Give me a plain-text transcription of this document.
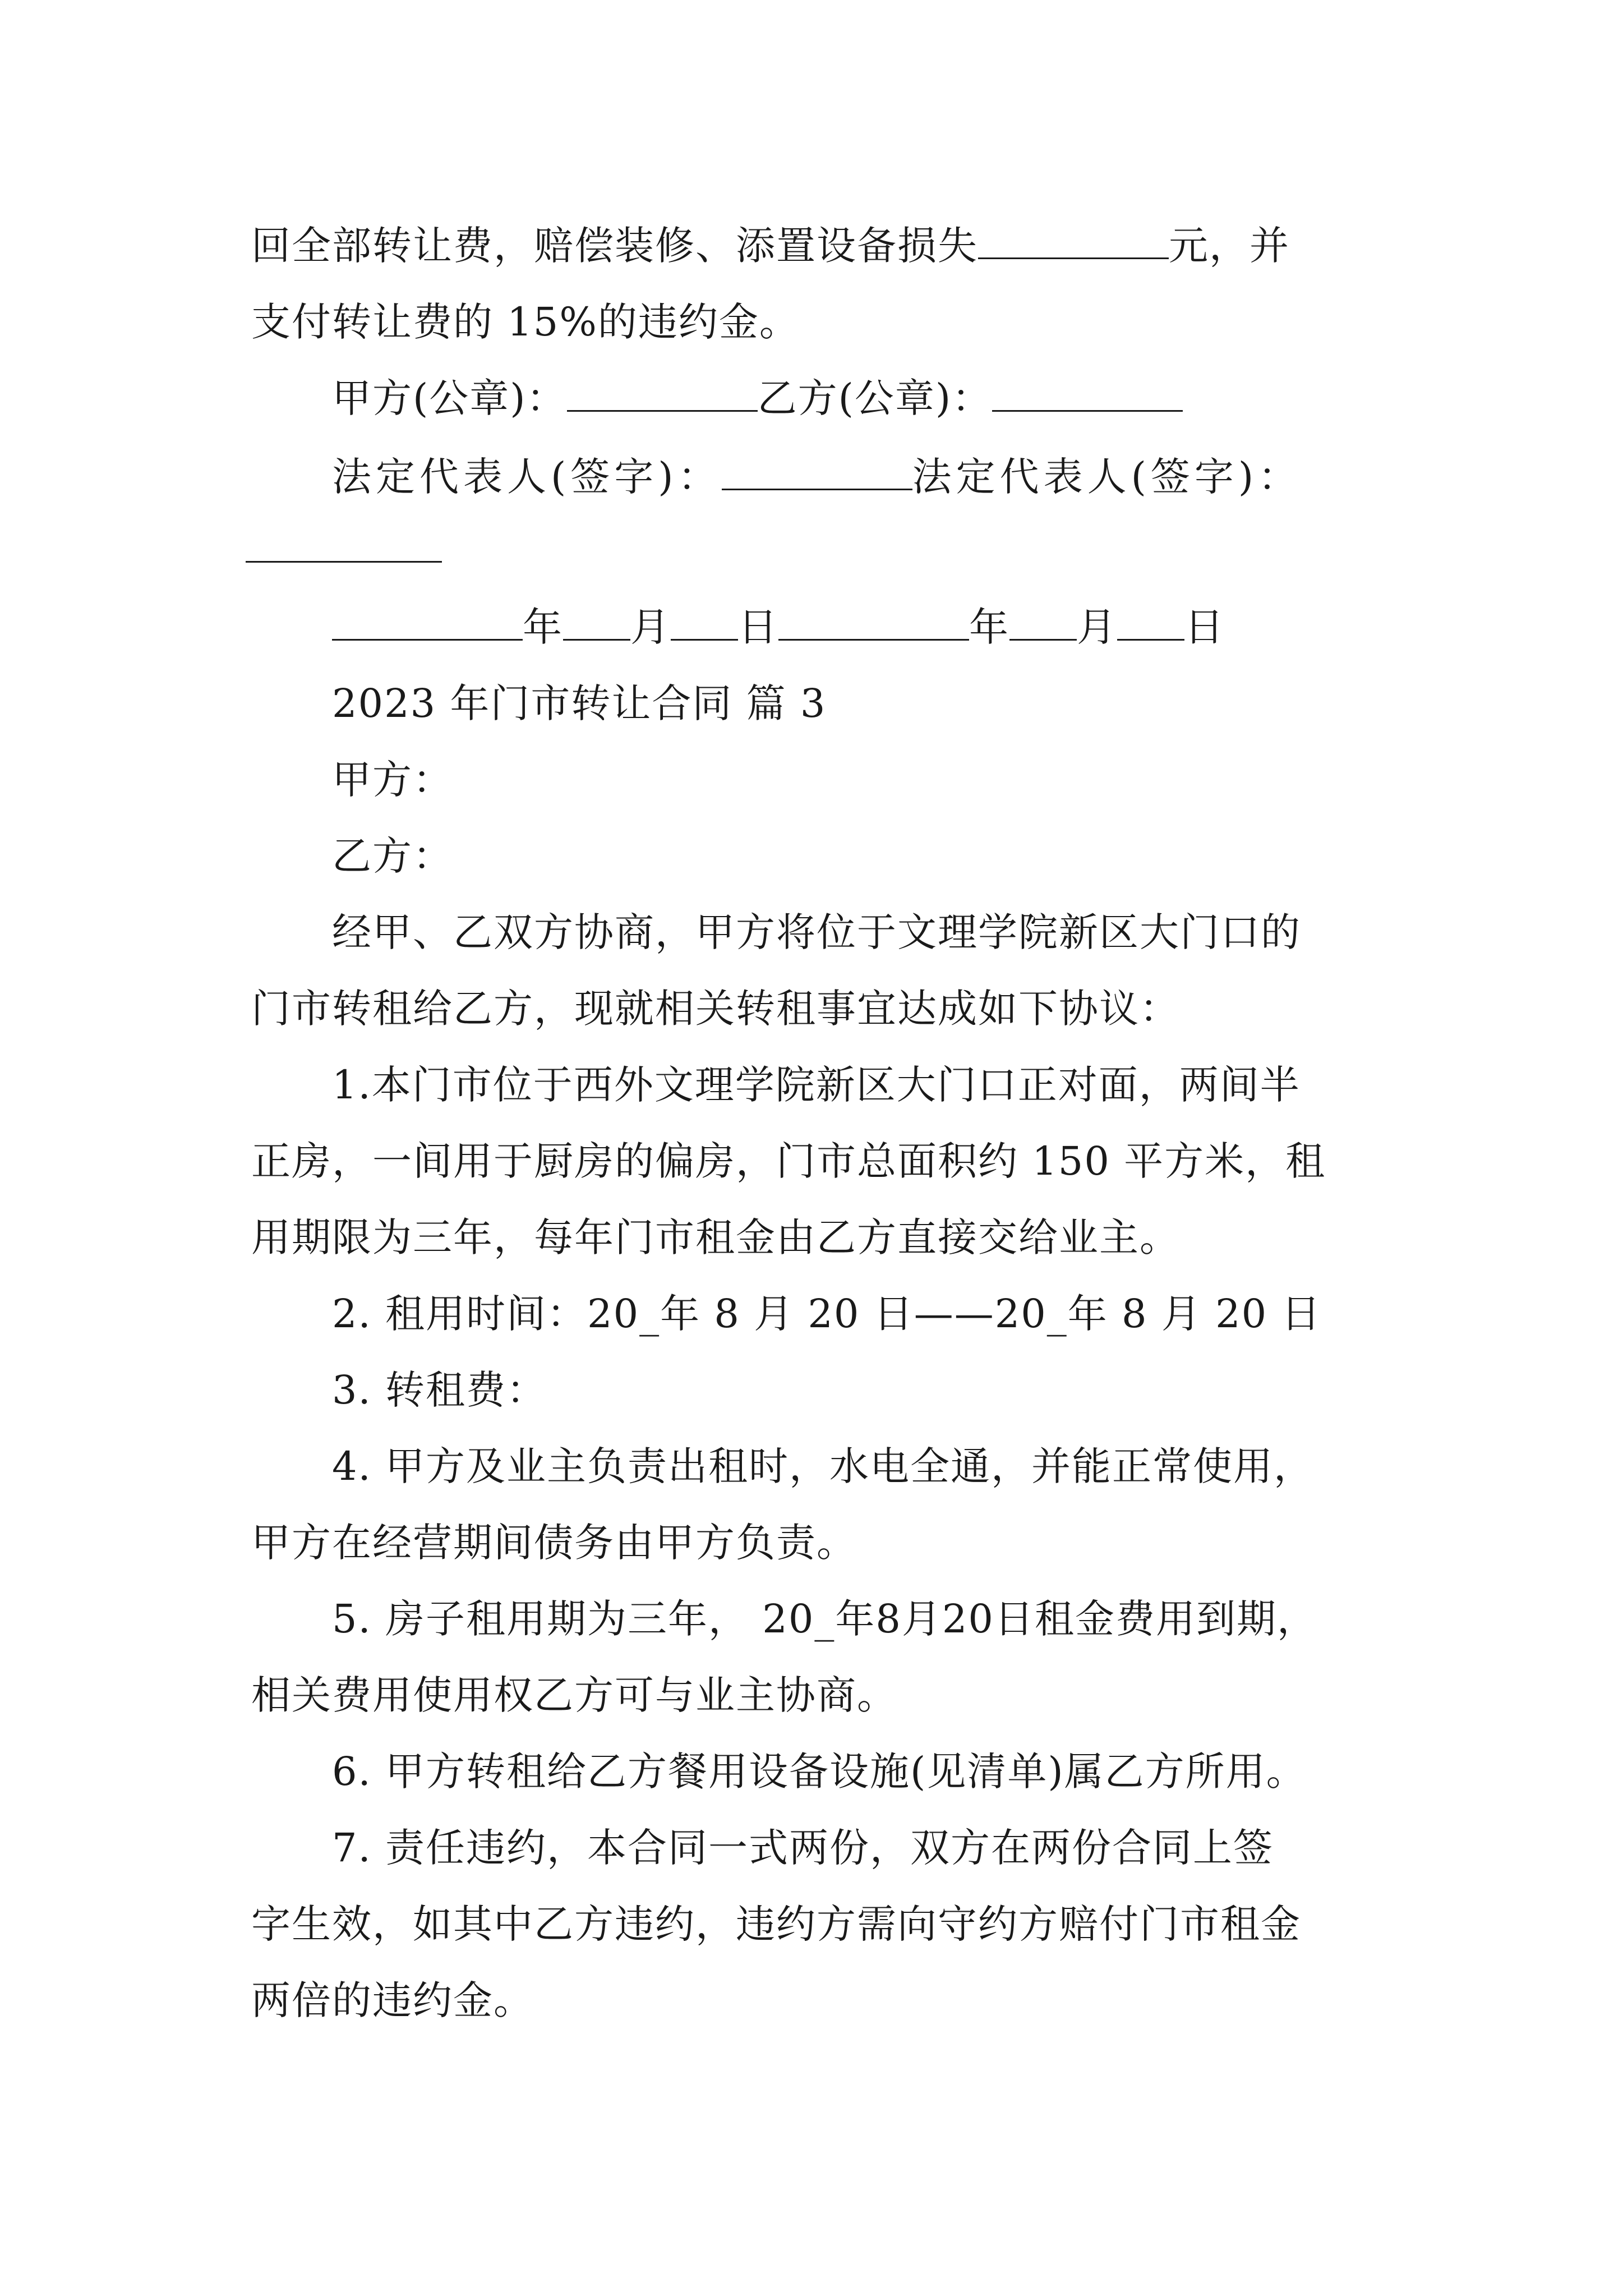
回全部转让费，赔偿装修、添置设备损失	元，并
支付转让费的 15%的违约金。
甲方(公章)：	乙方(公章)：
法定代表人(签字)：	法定代表人(签字)：
年 月 日	年 月 日
2023 年门市转让合同 篇 3
甲方：
乙方：
经甲、乙双方协商，甲方将位于文理学院新区大门口的
门市转租给乙方，现就相关转租事宜达成如下协议：
1.本门市位于西外文理学院新区大门口正对面，两间半
正房，一间用于厨房的偏房，门市总面积约 150 平方米，租
用期限为三年，每年门市租金由乙方直接交给业主。
2. 租用时间：20_年 8 月 20 日——20_年 8 月 20 日
3. 转租费：
4. 甲方及业主负责出租时，水电全通，并能正常使用，
甲方在经营期间债务由甲方负责。
5. 房子租用期为三年， 20_年8月20日租金费用到期，
相关费用使用权乙方可与业主协商。
6. 甲方转租给乙方餐用设备设施(见清单)属乙方所用。
7. 责任违约，本合同一式两份，双方在两份合同上签
字生效，如其中乙方违约，违约方需向守约方赔付门市租金
两倍的违约金。
